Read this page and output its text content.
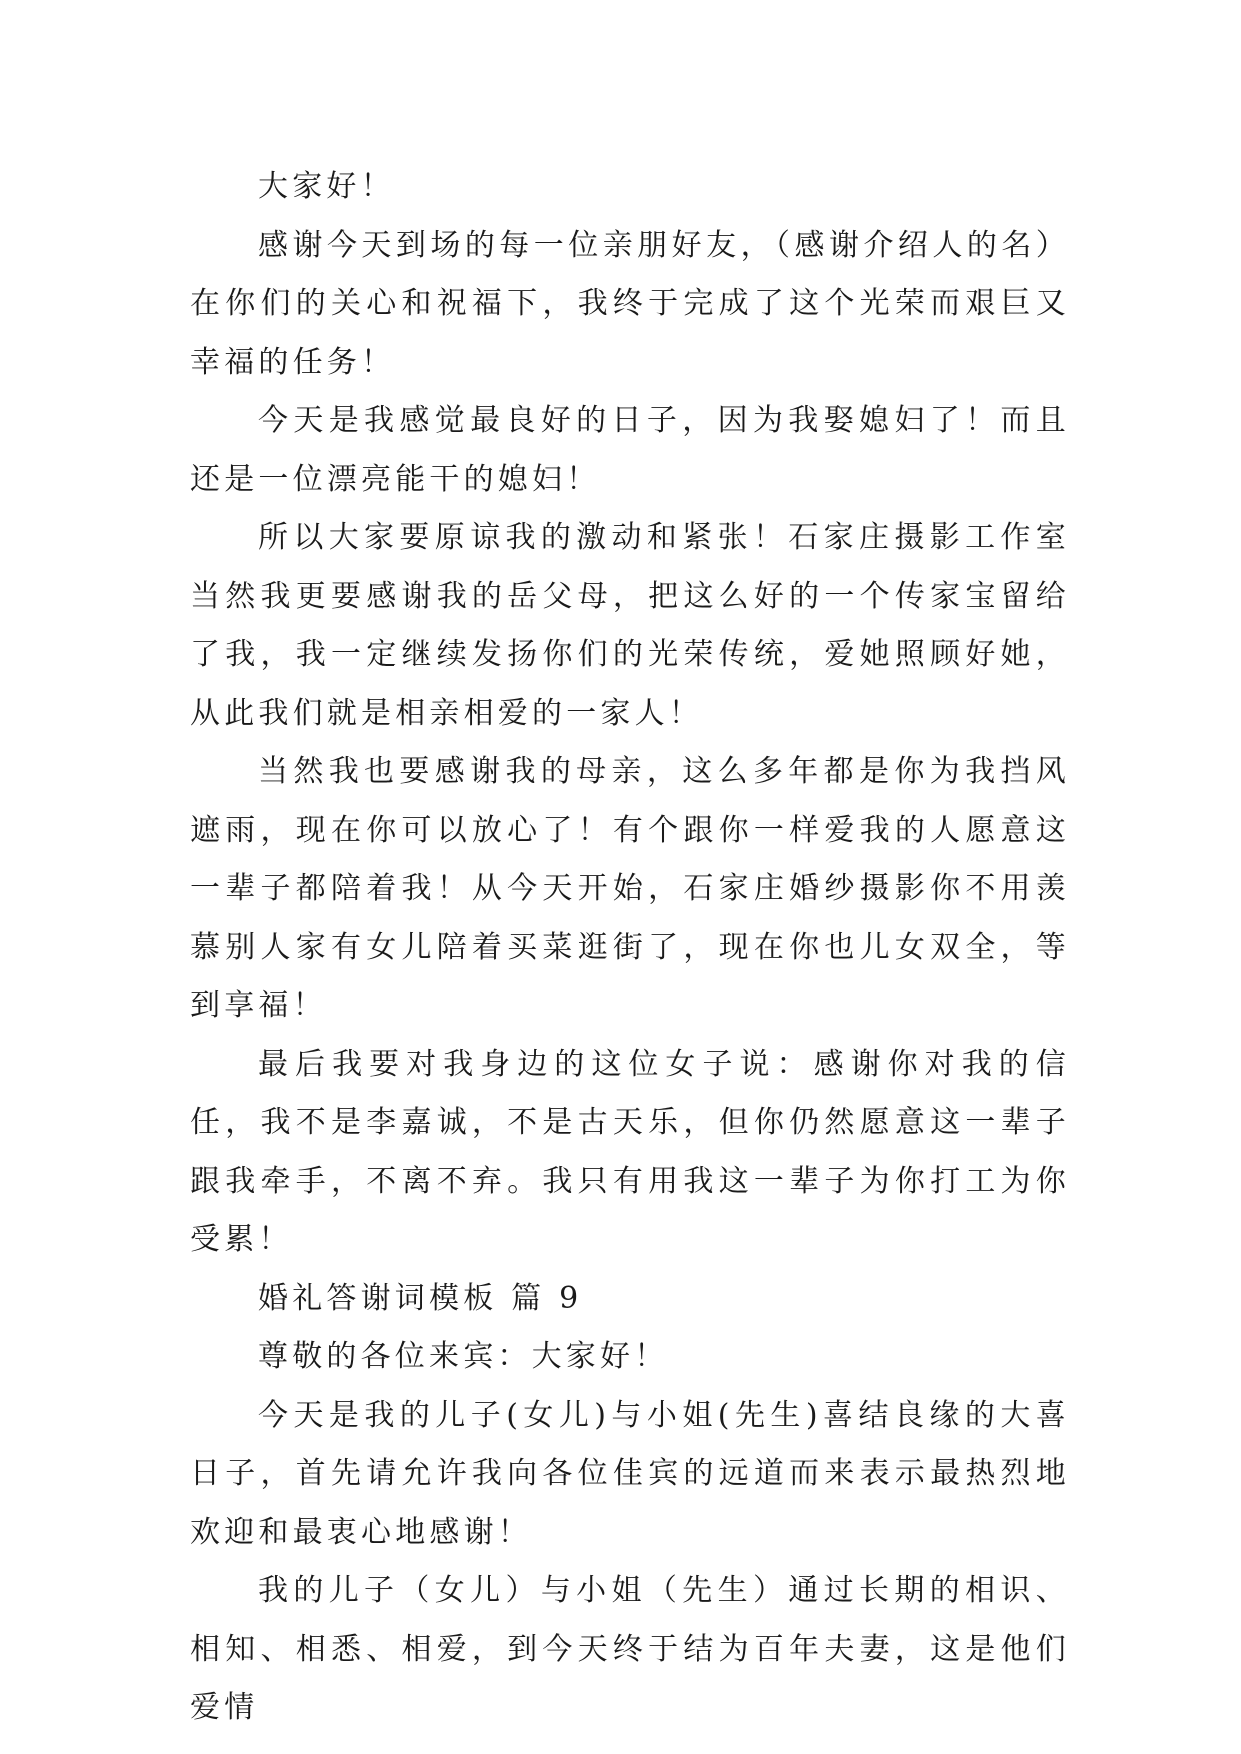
大家好！

感谢今天到场的每一位亲朋好友，（感谢介绍人的名）在你们的关心和祝福下，我终于完成了这个光荣而艰巨又幸福的任务！

今天是我感觉最良好的日子，因为我娶媳妇了！而且还是一位漂亮能干的媳妇！

所以大家要原谅我的激动和紧张！石家庄摄影工作室当然我更要感谢我的岳父母，把这么好的一个传家宝留给了我，我一定继续发扬你们的光荣传统，爱她照顾好她，从此我们就是相亲相爱的一家人！

当然我也要感谢我的母亲，这么多年都是你为我挡风遮雨，现在你可以放心了！有个跟你一样爱我的人愿意这一辈子都陪着我！从今天开始，石家庄婚纱摄影你不用羡慕别人家有女儿陪着买菜逛街了，现在你也儿女双全，等到享福！

最后我要对我身边的这位女子说：感谢你对我的信任，我不是李嘉诚，不是古天乐，但你仍然愿意这一辈子跟我牵手，不离不弃。我只有用我这一辈子为你打工为你受累！

婚礼答谢词模板 篇 9

尊敬的各位来宾：大家好！

今天是我的儿子(女儿)与小姐(先生)喜结良缘的大喜日子，首先请允许我向各位佳宾的远道而来表示最热烈地欢迎和最衷心地感谢！

我的儿子（女儿）与小姐（先生）通过长期的相识、相知、相悉、相爱，到今天终于结为百年夫妻，这是他们爱情
